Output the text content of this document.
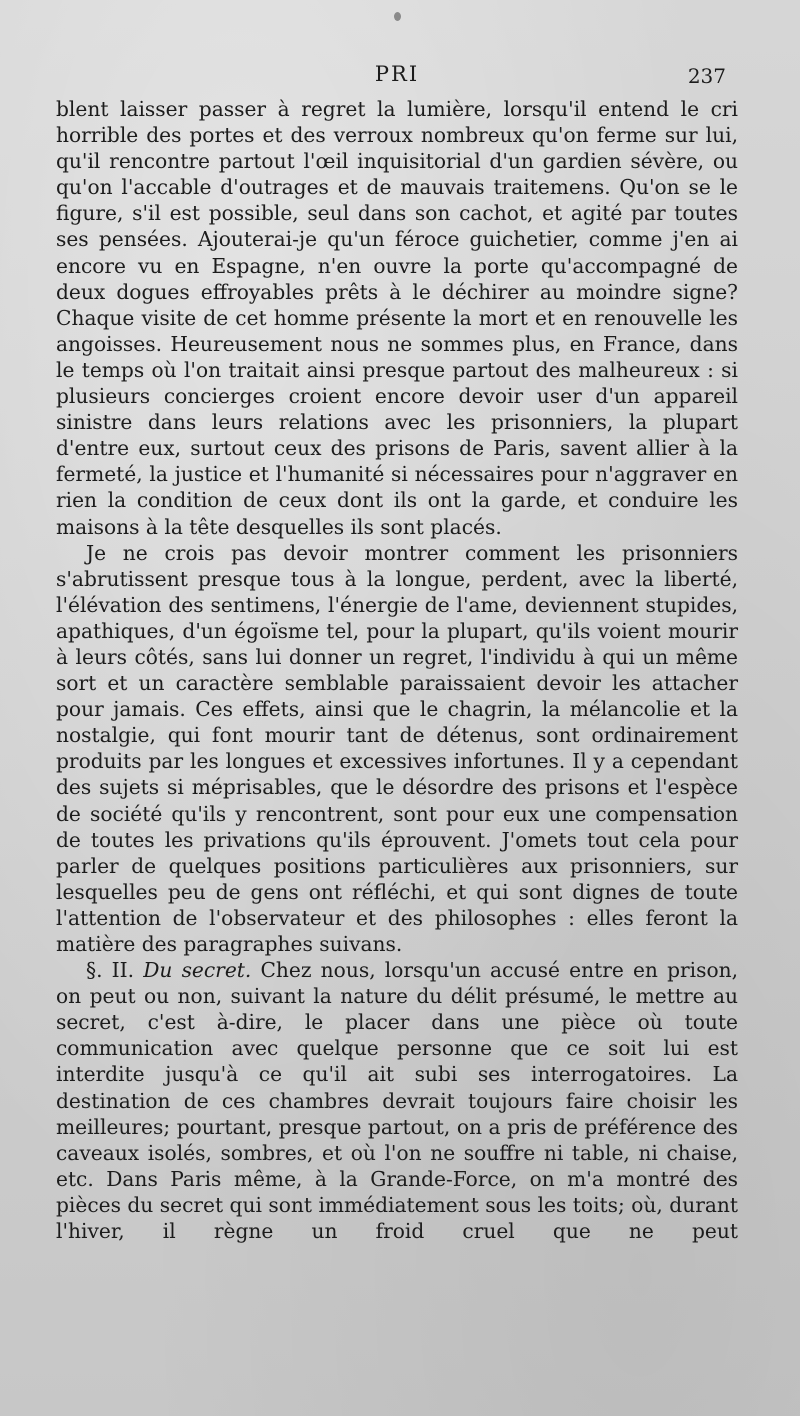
PRI	237

blent laisser passer à regret la lumière, lorsqu'il entend le cri horrible des portes et des verroux nombreux qu'on ferme sur lui, qu'il rencontre partout l'œil inquisitorial d'un gardien sévère, ou qu'on l'accable d'outrages et de mauvais traitemens. Qu'on se le figure, s'il est possible, seul dans son cachot, et agité par toutes ses pensées. Ajouterai-je qu'un féroce guichetier, comme j'en ai encore vu en Espagne, n'en ouvre la porte qu'accompagné de deux dogues effroyables prêts à le déchirer au moindre signe? Chaque visite de cet homme présente la mort et en renouvelle les angoisses. Heureusement nous ne sommes plus, en France, dans le temps où l'on traitait ainsi presque partout des malheureux : si plusieurs concierges croient encore devoir user d'un appareil sinistre dans leurs relations avec les prisonniers, la plupart d'entre eux, surtout ceux des prisons de Paris, savent allier à la fermeté, la justice et l'humanité si nécessaires pour n'aggraver en rien la condition de ceux dont ils ont la garde, et conduire les maisons à la tête desquelles ils sont placés.

Je ne crois pas devoir montrer comment les prisonniers s'abrutissent presque tous à la longue, perdent, avec la liberté, l'élévation des sentimens, l'énergie de l'ame, deviennent stupides, apathiques, d'un égoïsme tel, pour la plupart, qu'ils voient mourir à leurs côtés, sans lui donner un regret, l'individu à qui un même sort et un caractère semblable paraissaient devoir les attacher pour jamais. Ces effets, ainsi que le chagrin, la mélancolie et la nostalgie, qui font mourir tant de détenus, sont ordinairement produits par les longues et excessives infortunes. Il y a cependant des sujets si méprisables, que le désordre des prisons et l'espèce de société qu'ils y rencontrent, sont pour eux une compensation de toutes les privations qu'ils éprouvent. J'omets tout cela pour parler de quelques positions particulières aux prisonniers, sur lesquelles peu de gens ont réfléchi, et qui sont dignes de toute l'attention de l'observateur et des philosophes : elles feront la matière des paragraphes suivans.

§. II. Du secret. Chez nous, lorsqu'un accusé entre en prison, on peut ou non, suivant la nature du délit présumé, le mettre au secret, c'est à-dire, le placer dans une pièce où toute communication avec quelque personne que ce soit lui est interdite jusqu'à ce qu'il ait subi ses interrogatoires. La destination de ces chambres devrait toujours faire choisir les meilleures; pourtant, presque partout, on a pris de préférence des caveaux isolés, sombres, et où l'on ne souffre ni table, ni chaise, etc. Dans Paris même, à la Grande-Force, on m'a montré des pièces du secret qui sont immédiatement sous les toits; où, durant l'hiver, il règne un froid cruel que ne peut
